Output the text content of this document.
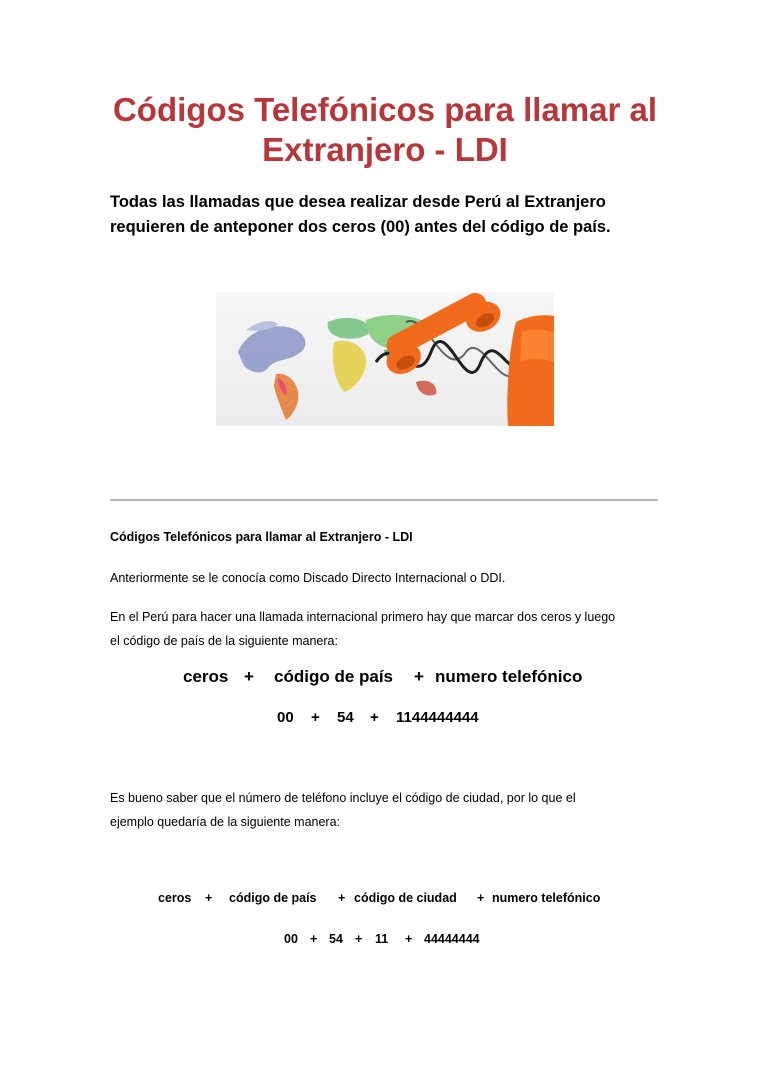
Códigos Telefónicos para llamar al
Extranjero - LDI
Todas las llamadas que desea realizar desde Perú al Extranjero
requieren de anteponer dos ceros (00) antes del código de país.
Códigos Telefónicos para llamar al Extranjero - LDI
Anteriormente se le conocía como Discado Directo Internacional o DDI.
En el Perú para hacer una llamada internacional primero hay que marcar dos ceros y luego
el código de país de la siguiente manera:
ceros + código de país + numero telefónico
00 + 54 + 1144444444
Es bueno saber que el número de teléfono incluye el código de ciudad, por lo que el
ejemplo quedaría de la siguiente manera:
ceros + código de país + código de ciudad + numero telefónico
00 + 54 + 11 + 44444444
